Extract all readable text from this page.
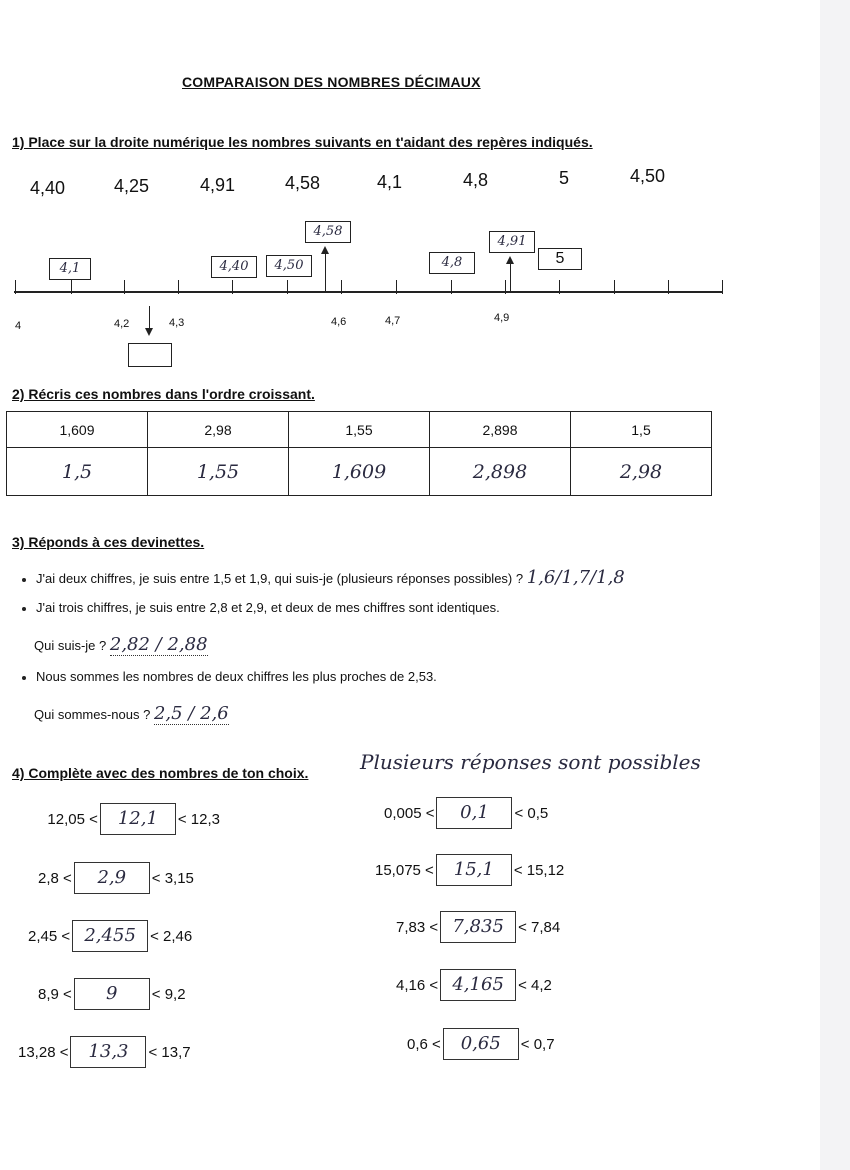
COMPARAISON DES NOMBRES DÉCIMAUX
1) Place sur la droite numérique les nombres suivants en t'aidant des repères indiqués.
4,40	4,25	4,91	4,58	4,1	4,8	5	4,50
4	4,2	4,3	4,6	4,7	4,9
4,1	4,40	4,50
4,58
4,8
4,91
5
2) Récris ces nombres dans l'ordre croissant.
1,609	2,98	1,55	2,898	1,5
1,5	1,55	1,609	2,898	2,98
3) Réponds à ces devinettes.
J'ai deux chiffres, je suis entre 1,5 et 1,9, qui suis-je (plusieurs réponses possibles) ? 1,6/1,7/1,8
J'ai trois chiffres, je suis entre 2,8 et 2,9, et deux de mes chiffres sont identiques.
Qui suis-je ? 2,82 / 2,88
Nous sommes les nombres de deux chiffres les plus proches de 2,53.
Qui sommes-nous ? 2,5 / 2,6
4) Complète avec des nombres de ton choix.	Plusieurs réponses sont possibles
12,05 <	12,1	< 12,3
2,8 <	2,9	< 3,15
2,45 < 2,455 < 2,46
8,9 <	9	< 9,2
13,28 <	13,3	< 13,7
0,005 <	0,1	< 0,5
15,075 <	15,1	< 15,12
7,83 < 7,835 < 7,84
4,16 < 4,165 < 4,2
0,6 <	0,65	< 0,7
